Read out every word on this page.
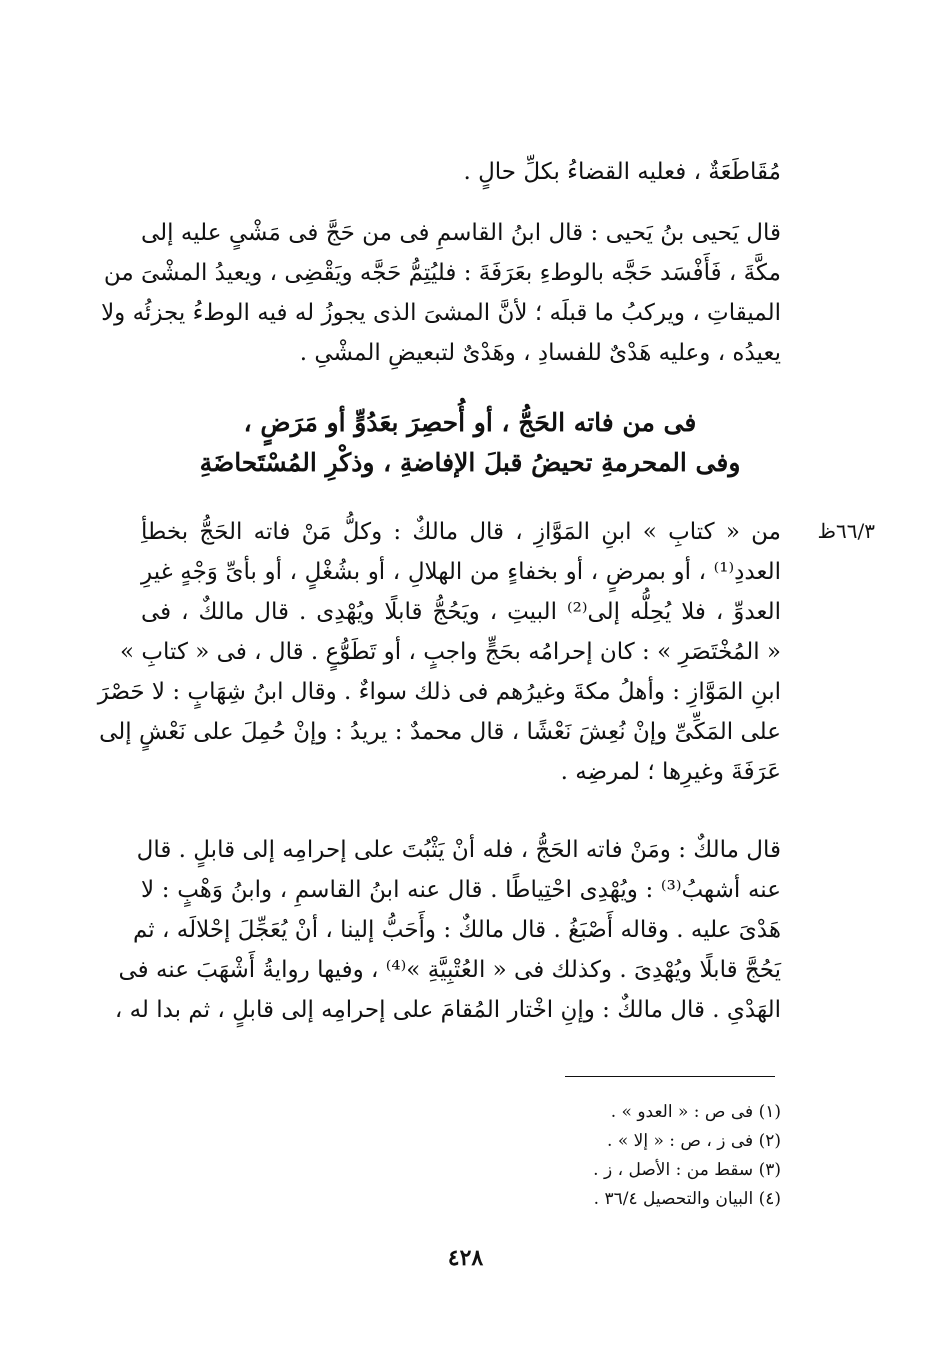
مُقَاطَعَةٌ ، فعليه القضاءُ بكلِّ حالٍ .
قال يَحيى بنُ يَحيى : قال ابنُ القاسمِ فى من حَجَّ فى مَشْىٍ عليه إلى
مكَّةَ ، فَأَفْسَد حَجَّه بالوطءِ بعَرَفَةَ : فليُتِمُّ حَجَّه ويَقْضِى ، ويعيدُ المشْىَ من
الميقاتِ ، ويركبُ ما قبلَه ؛ لأنَّ المشىَ الذى يجوزُ له فيه الوطءُ يجزئُه ولا
يعيدُه ، وعليه هَدْىٌ للفسادِ ، وهَدْىٌ لتبعيضِ المشْىِ .
فى من فاته الحَجُّ ، أو أُحصِرَ بعَدُوٍّ أو مَرَضٍ ،
وفى المحرمةِ تحيضُ قبلَ الإفاضةِ ، وذكْرِ المُسْتَحاضَةِ
٦٦/٣ظ
من « كتابِ » ابنِ المَوَّازِ ، قال مالكٌ : وكلُّ مَنْ فاته الحَجُّ بخطأِ
العددِ⁽¹⁾ ، أو بمرضٍ ، أو بخفاءٍ من الهلالِ ، أو بشُغْلٍ ، أو بأىِّ وَجْهٍ غيرِ
العدوِّ ، فلا يُحِلُّه إلى⁽²⁾ البيتِ ، ويَحُجُّ قابلًا ويُهْدِى . قال مالكٌ ، فى
« المُخْتَصَرِ » : كان إحرامُه بحَجٍّ واجبٍ ، أو تَطَوُّعٍ . قال ، فى « كتابِ »
ابنِ المَوَّازِ : وأهلُ مكةَ وغيرُهم فى ذلك سواءٌ . وقال ابنُ شِهَابٍ : لا حَصْرَ
على المَكِّىِّ وإنْ نُعِشَ نَعْشًا ، قال محمدٌ : يريدُ : وإنْ حُمِلَ على نَعْشٍ إلى
عَرَفَةَ وغيرِها ؛ لمرضِه .
قال مالكٌ : ومَنْ فاته الحَجُّ ، فله أنْ يَثْبُتَ على إحرامِه إلى قابلٍ . قال
عنه أشهبُ⁽³⁾ : ويُهْدِى احْتِياطًا . قال عنه ابنُ القاسمِ ، وابنُ وَهْبٍ : لا
هَدْىَ عليه . وقاله أَصْبَغُ . قال مالكٌ : وأَحَبُّ إلينا ، أنْ يُعَجِّلَ إحْلالَه ، ثم
يَحُجَّ قابلًا ويُهْدِىَ . وكذلك فى « العُتْبِيَّةِ »⁽⁴⁾ ، وفيها روايةُ أَشْهَبَ عنه فى
الهَدْىِ . قال مالكٌ : وإنِ اخْتار المُقامَ على إحرامِه إلى قابلٍ ، ثم بدا له ،
(١) فى ص : « العدو » .
(٢) فى ز ، ص : « إلا » .
(٣) سقط من : الأصل ، ز .
(٤) البيان والتحصيل ٣٦/٤ .
٤٢٨
